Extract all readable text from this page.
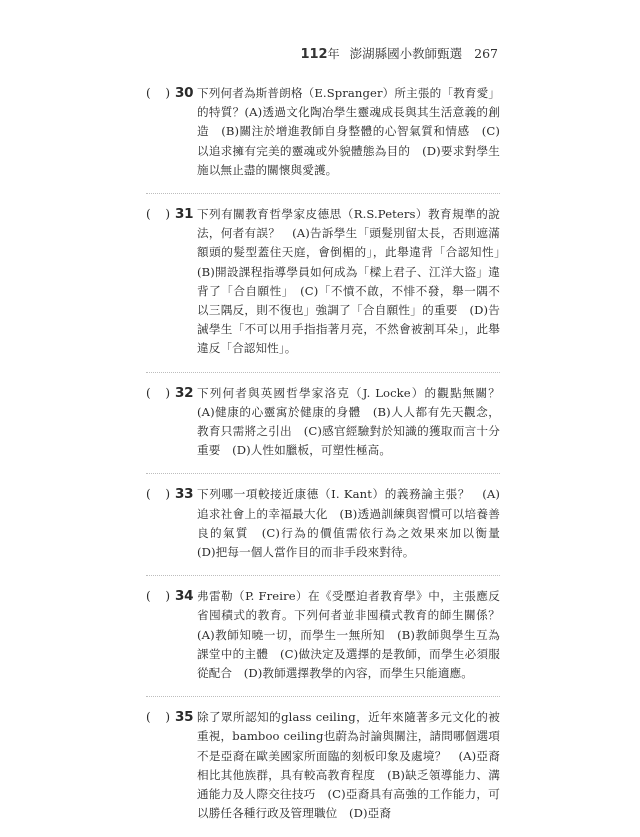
112 年 澎湖縣國小教師甄選 267
( ) 30 下列何者為斯普朗格（E.Spranger）所主張的「教育愛」的特質？(A)透過文化陶冶學生靈魂成長與其生活意義的創造　(B)關注於增進教師自身整體的心智氣質和情感　(C)以追求擁有完美的靈魂或外貌體態為目的　(D)要求對學生施以無止盡的關懷與愛護。
( ) 31 下列有關教育哲學家皮德思（R.S.Peters）教育規準的說法，何者有誤？　(A)告訴學生「頭髮別留太長，否則遮滿額頭的髮型蓋住天庭，會倒楣的」，此舉違背「合認知性」　(B)開設課程指導學員如何成為「樑上君子、江洋大盜」違背了「合自願性」　(C)「不憤不啟，不悱不發，舉一隅不以三隅反，則不復也」強調了「合自願性」的重要　(D)告誡學生「不可以用手指指著月亮，不然會被割耳朵」，此舉違反「合認知性」。
( ) 32 下列何者與英國哲學家洛克（J. Locke）的觀點無關？　(A)健康的心靈寓於健康的身體　(B)人人都有先天觀念，教育只需將之引出　(C)感官經驗對於知識的獲取而言十分重要　(D)人性如臘板，可塑性極高。
( ) 33 下列哪一項較接近康德（I. Kant）的義務論主張？　(A)追求社會上的幸福最大化　(B)透過訓練與習慣可以培養善良的氣質　(C)行為的價值需依行為之效果來加以衡量　(D)把每一個人當作目的而非手段來對待。
( ) 34 弗雷勒（P. Freire）在《受壓迫者教育學》中，主張應反省囤積式的教育。下列何者並非囤積式教育的師生關係？　(A)教師知曉一切，而學生一無所知　(B)教師與學生互為課堂中的主體　(C)做決定及選擇的是教師，而學生必須服從配合　(D)教師選擇教學的內容，而學生只能適應。
( ) 35 除了眾所認知的glass ceiling，近年來隨著多元文化的被重視，bamboo ceiling也蔚為討論與關注，請問哪個選項不是亞裔在歐美國家所面臨的刻板印象及處境？　(A)亞裔相比其他族群，具有較高教育程度　(B)缺乏領導能力、溝通能力及人際交往技巧　(C)亞裔具有高強的工作能力，可以勝任各種行政及管理職位　(D)亞裔
